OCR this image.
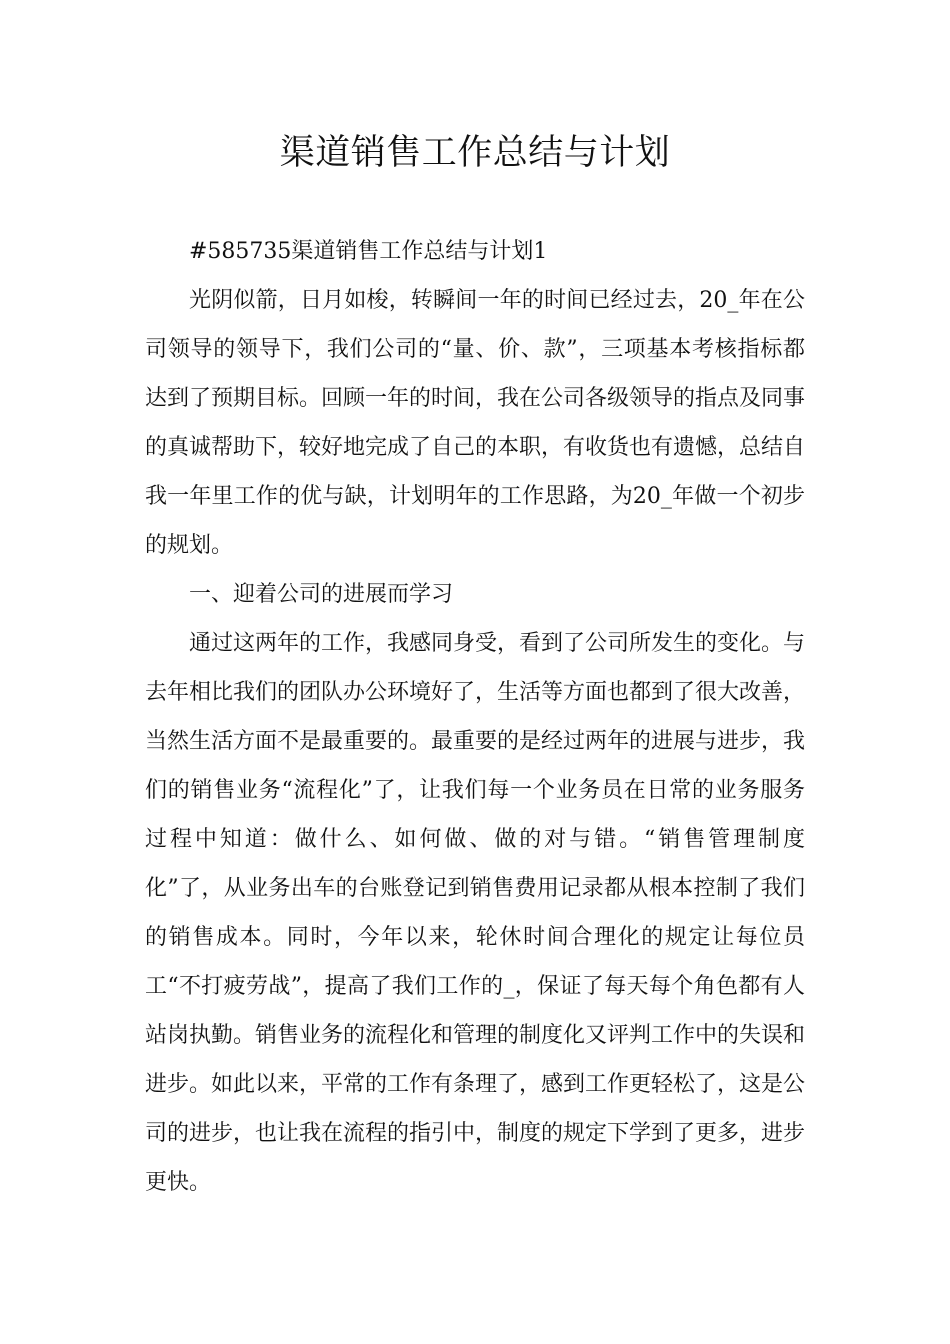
渠道销售工作总结与计划

#585735渠道销售工作总结与计划1

光阴似箭，日月如梭，转瞬间一年的时间已经过去，20_年在公司领导的领导下，我们公司的“量、价、款”，三项基本考核指标都达到了预期目标。回顾一年的时间，我在公司各级领导的指点及同事的真诚帮助下，较好地完成了自己的本职，有收货也有遗憾，总结自我一年里工作的优与缺，计划明年的工作思路，为20_年做一个初步的规划。

一、迎着公司的进展而学习

通过这两年的工作，我感同身受，看到了公司所发生的变化。与去年相比我们的团队办公环境好了，生活等方面也都到了很大改善，当然生活方面不是最重要的。最重要的是经过两年的进展与进步，我们的销售业务“流程化”了，让我们每一个业务员在日常的业务服务过程中知道：做什么、如何做、做的对与错。“销售管理制度化”了，从业务出车的台账登记到销售费用记录都从根本控制了我们的销售成本。同时，今年以来，轮休时间合理化的规定让每位员工“不打疲劳战”，提高了我们工作的_，保证了每天每个角色都有人站岗执勤。销售业务的流程化和管理的制度化又评判工作中的失误和进步。如此以来，平常的工作有条理了，感到工作更轻松了，这是公司的进步，也让我在流程的指引中，制度的规定下学到了更多，进步更快。
